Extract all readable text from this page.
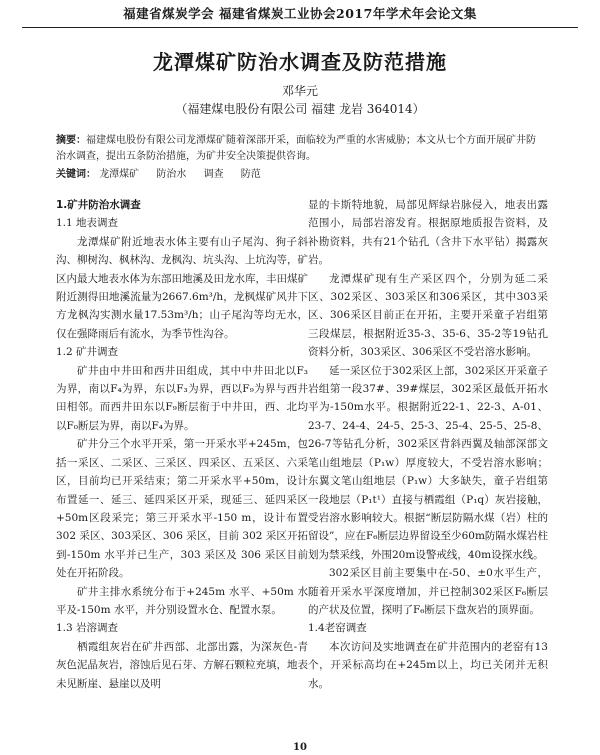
福建省煤炭学会 福建省煤炭工业协会2017年学术年会论文集
龙潭煤矿防治水调查及防范措施
邓华元
（福建煤电股份有限公司 福建 龙岩 364014）
摘要：福建煤电股份有限公司龙潭煤矿随着深部开采，面临较为严重的水害威胁；本文从七个方面开展矿井防治水调查，提出五条防治措施，为矿井安全决策提供咨询。
关键词： 龙潭煤矿 防治水 调查 防范
1.矿井防治水调查
1.1 地表调查

龙潭煤矿附近地表水体主要有山子尾沟、狗子斜沟、柳树沟、枫林沟、龙枫沟、坑头沟、上坑沟等，矿区内最大地表水体为东部田地溪及田龙水库，丰田煤矿附近测得田地溪流量为2667.6m³/h，龙枫煤矿风井下方龙枫沟实测水量17.53m³/h；山子尾沟等均无水，仅在强降雨后有流水，为季节性沟谷。

1.2 矿井调查

矿井由中井田和西井田组成，其中中井田北以F₃为界，南以F₄为界，东以F₃为界，西以F₉为界与西井田相邻。而西井田东以F₉断层衔于中井田，西、北均以F₀断层为界，南以F₄为界。

矿井分三个水平开采，第一开采水平+245m，包括一采区、二采区、三采区、四采区、五采区、六采区，目前均已开采结束；第二开采水平+50m，设计布置延一、延三、延四采区开采，现延三、延四采区+50m区段采完；第三开采水平-150 m，设计布置 302 采区、303采区、306 采区，目前 302 采区开拓到-150m 水平并已生产，303 采区及 306 采区目前处在开拓阶段。

矿井主排水系统分布于+245m 水平、+50m 水平及-150m 水平，并分别设置水仓、配置水泵。

1.3 岩溶调查

栖霞组灰岩在矿井西部、北部出露，为深灰色-青灰色泥晶灰岩，溶蚀后见石芽、方解石颗粒充填，地表未见断崖、悬崖以及明

显的卡斯特地貌，局部见辉绿岩脉侵入，地表出露范围小，局部岩溶发育。根据原地质报告资料，及补勘资料，共有21个钻孔（含井下水平钻）揭露灰岩。

龙潭煤矿现有生产采区四个，分别为延二采区、302采区、303采区和306采区，其中303采区、306采区目前正在开拓，主要开采童子岩组第三段煤层，根据附近35-3、35-6、35-2等19钻孔资料分析，303采区、306采区不受岩溶水影响。

延一采区位于302采区上部，302采区开采童子岩组第一段37#、39#煤层，302采区最低开拓水平为-150m水平。根据附近22-1、22-3、A-01、23-7、24-4、24-5、25-3、25-4、25-5、25-8、26-7等钻孔分析，302采区背斜西翼及轴部深部文笔山组地层（P₁w）厚度较大，不受岩溶水影响；东翼文笔山组地层（P₁w）大多缺失，童子岩组第一段地层（P₁t¹）直接与栖霞组（P₁q）灰岩接触，受岩溶水影响较大。根据“断层防隔水煤（岩）柱的留设”，应在F₆断层边界留设至少60m防隔水煤岩柱划为禁采线，外围20m设警戒线，40m设探水线。

302采区目前主要集中在-50、±0水平生产，随着开采水平深度增加，并已控制302采区F₆断层的产状及位置，探明了F₆断层下盘灰岩的顶界面。

1.4老窑调查

本次访问及实地调查在矿井范围内的老窑有13个，开采标高均在+245m以上，均已关闭并无积水。

10
